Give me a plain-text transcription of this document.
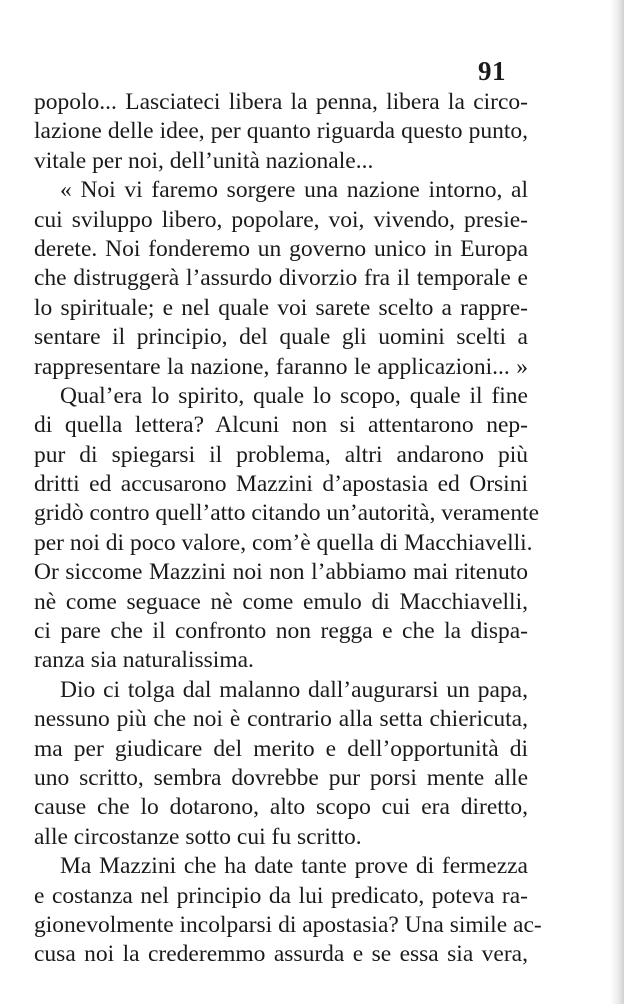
91
popolo... Lasciateci libera la penna, libera la circo-
lazione delle idee, per quanto riguarda questo punto,
vitale per noi, dell’unità nazionale...
« Noi vi faremo sorgere una nazione intorno, al
cui sviluppo libero, popolare, voi, vivendo, presie-
derete. Noi fonderemo un governo unico in Europa
che distruggerà l’assurdo divorzio fra il temporale e
lo spirituale; e nel quale voi sarete scelto a rappre-
sentare il principio, del quale gli uomini scelti a
rappresentare la nazione, faranno le applicazioni... »
Qual’era lo spirito, quale lo scopo, quale il fine
di quella lettera? Alcuni non si attentarono nep-
pur di spiegarsi il problema, altri andarono più
dritti ed accusarono Mazzini d’apostasia ed Orsini
gridò contro quell’atto citando un’autorità, veramente
per noi di poco valore, com’è quella di Macchiavelli.
Or siccome Mazzini noi non l’abbiamo mai ritenuto
nè come seguace nè come emulo di Macchiavelli,
ci pare che il confronto non regga e che la dispa-
ranza sia naturalissima.
Dio ci tolga dal malanno dall’augurarsi un papa,
nessuno più che noi è contrario alla setta chiericuta,
ma per giudicare del merito e dell’opportunità di
uno scritto, sembra dovrebbe pur porsi mente alle
cause che lo dotarono, alto scopo cui era diretto,
alle circostanze sotto cui fu scritto.
Ma Mazzini che ha date tante prove di fermezza
e costanza nel principio da lui predicato, poteva ra-
gionevolmente incolparsi di apostasia? Una simile ac-
cusa noi la crederemmo assurda e se essa sia vera,
